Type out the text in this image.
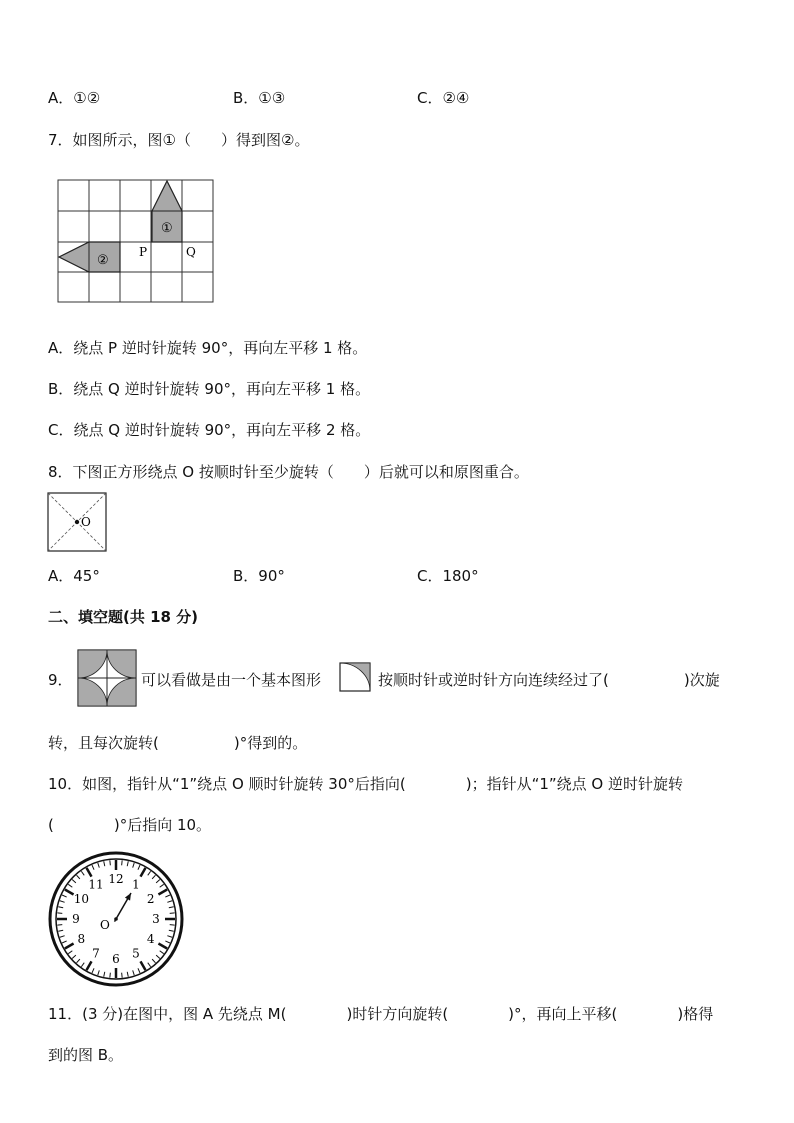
A．①②	B．①③	C．②④
7．如图所示，图①（　　）得到图②。
①
②
P	Q
A．绕点 P 逆时针旋转 90°，再向左平移 1 格。
B．绕点 Q 逆时针旋转 90°，再向左平移 1 格。
C．绕点 Q 逆时针旋转 90°，再向左平移 2 格。
8．下图正方形绕点 O 按顺时针至少旋转（　　）后就可以和原图重合。
O
A．45°	B．90°	C．180°
二、填空题(共 18 分)
9．	可以看做是由一个基本图形	按顺时针或逆时针方向连续经过了(　　　　　)次旋
转，且每次旋转(　　　　　)°得到的。
10．如图，指针从“1”绕点 O 顺时针旋转 30°后指向(　　　　)；指针从“1”绕点 O 逆时针旋转
(　　　　)°后指向 10。
12 1
2
3
4
5
6
7
8
9
10
11
O
11．(3 分)在图中，图 A 先绕点 M(　　　　)时针方向旋转(　　　　)°，再向上平移(　　　　)格得
到的图 B。
